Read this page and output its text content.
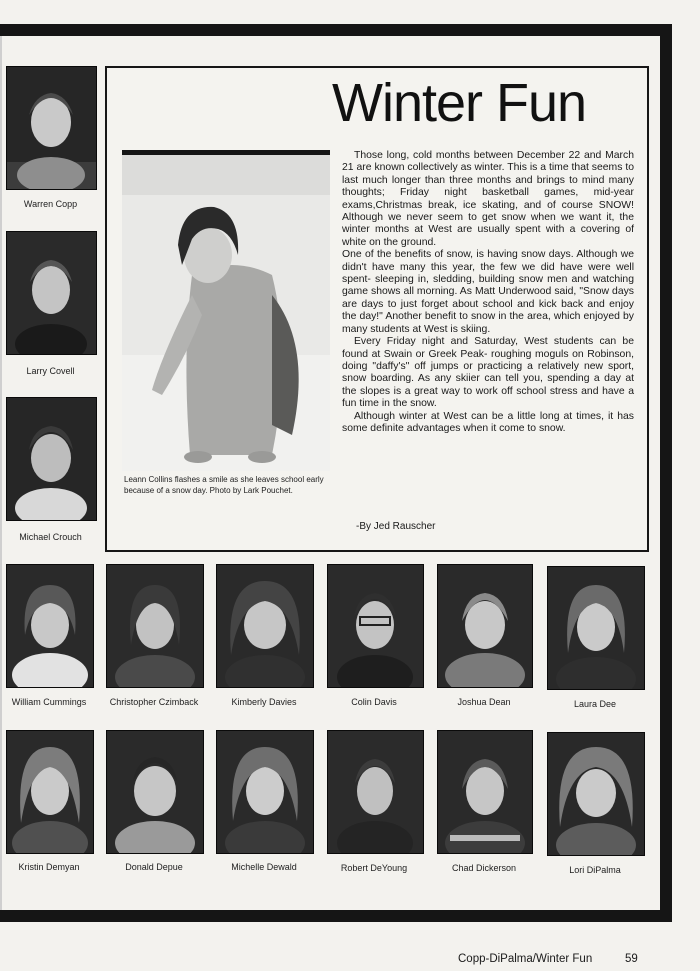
Warren Copp
Larry Covell
Michael Crouch
Winter Fun
Leann Collins flashes a smile as she leaves school early because of a snow day. Photo by Lark Pouchet.

Those long, cold months between December 22 and March 21 are known collectively as winter. This is a time that seems to last much longer than three months and brings to mind many thoughts; Friday night basketball games, mid-year exams,Christmas break, ice skating, and of course SNOW! Although we never seem to get snow when we want it, the winter months at West are usually spent with a covering of white on the ground.

One of the benefits of snow, is having snow days. Although we didn't have many this year, the few we did have were well spent- sleeping in, sledding, building snow men and watching game shows all morning. As Matt Underwood said, "Snow days are days to just forget about school and kick back and enjoy the day!" Another benefit to snow in the area, which enjoyed by many students at West is skiing.

Every Friday night and Saturday, West students can be found at Swain or Greek Peak- roughing moguls on Robinson, doing "daffy's" off jumps or practicing a relatively new sport, snow boarding. As any skiier can tell you, spending a day at the slopes is a great way to work off school stress and have a fun time in the snow.

Although winter at West can be a little long at times, it has some definite advantages when it come to snow.

-By Jed Rauscher
William Cummings	Christopher Czimback	Kimberly Davies	Colin Davis	Joshua Dean	Laura Dee
Kristin Demyan	Donald Depue	Michelle Dewald	Robert DeYoung	Chad Dickerson	Lori DiPalma
Copp-DiPalma/Winter Fun	59
